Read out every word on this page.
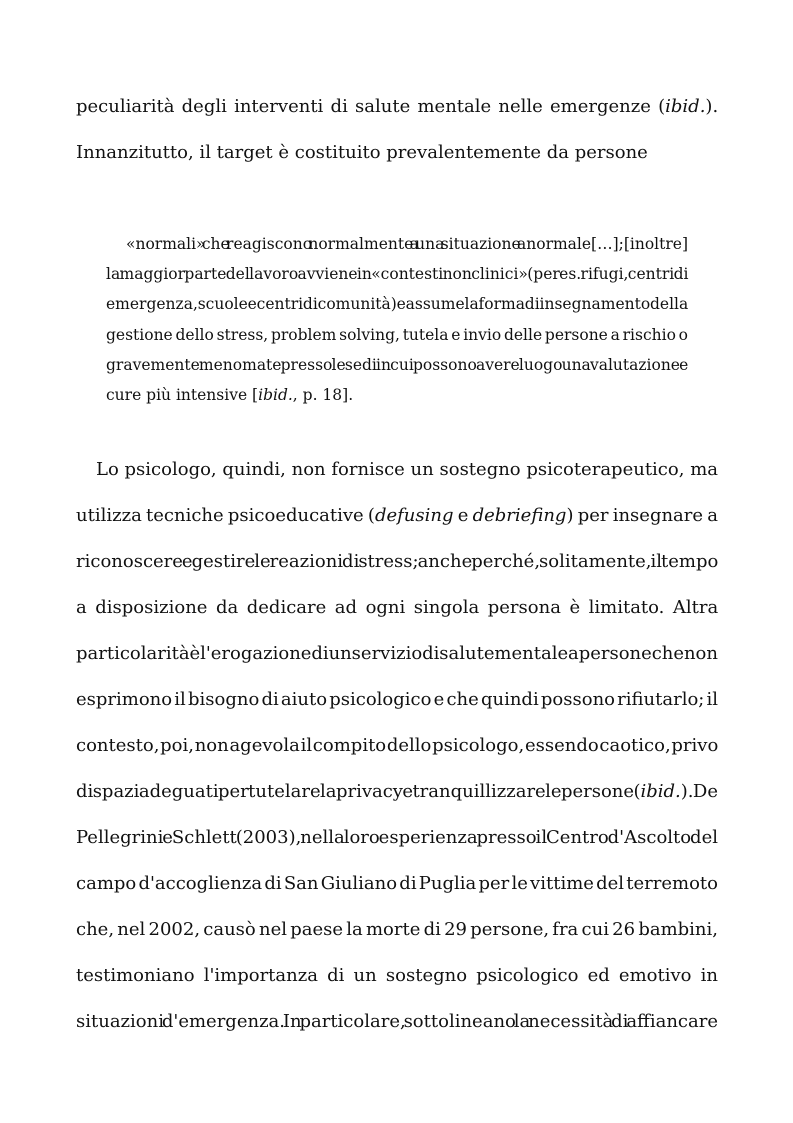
peculiarità degli interventi di salute mentale nelle emergenze (ibid.).
Innanzitutto, il target è costituito prevalentemente da persone
«normali» che reagiscono normalmente a una situazione anormale[…];[inoltre]
la maggior parte del lavoro avviene in «contesti non clinici» (per es. rifugi, centri di
emergenza, scuole e centri di comunità) e assume la forma di insegnamento della
gestione dello stress, problem solving, tutela e invio delle persone a rischio o
gravemente menomate presso le sedi in cui possono avere luogo una valutazione e
cure più intensive [ibid., p. 18].
Lo psicologo, quindi, non fornisce un sostegno psicoterapeutico, ma
utilizza tecniche psicoeducative (defusing e debriefing) per insegnare a
riconoscere e gestire le reazioni di stress; anche perché, solitamente, il tempo
a disposizione da dedicare ad ogni singola persona è limitato. Altra
particolarità è l'erogazione di un servizio di salute mentale a persone che non
esprimono il bisogno di aiuto psicologico e che quindi possono rifiutarlo; il
contesto, poi, non agevola il compito dello psicologo, essendo caotico, privo
di spazi adeguati per tutelare la privacy e tranquillizzare le persone (ibid.). De
Pellegrini e Schlett (2003), nella loro esperienza presso il Centro d'Ascolto del
campo d'accoglienza di San Giuliano di Puglia per le vittime del terremoto
che, nel 2002, causò nel paese la morte di 29 persone, fra cui 26 bambini,
testimoniano l'importanza di un sostegno psicologico ed emotivo in
situazioni d'emergenza. In particolare, sottolineano la necessità di affiancare
